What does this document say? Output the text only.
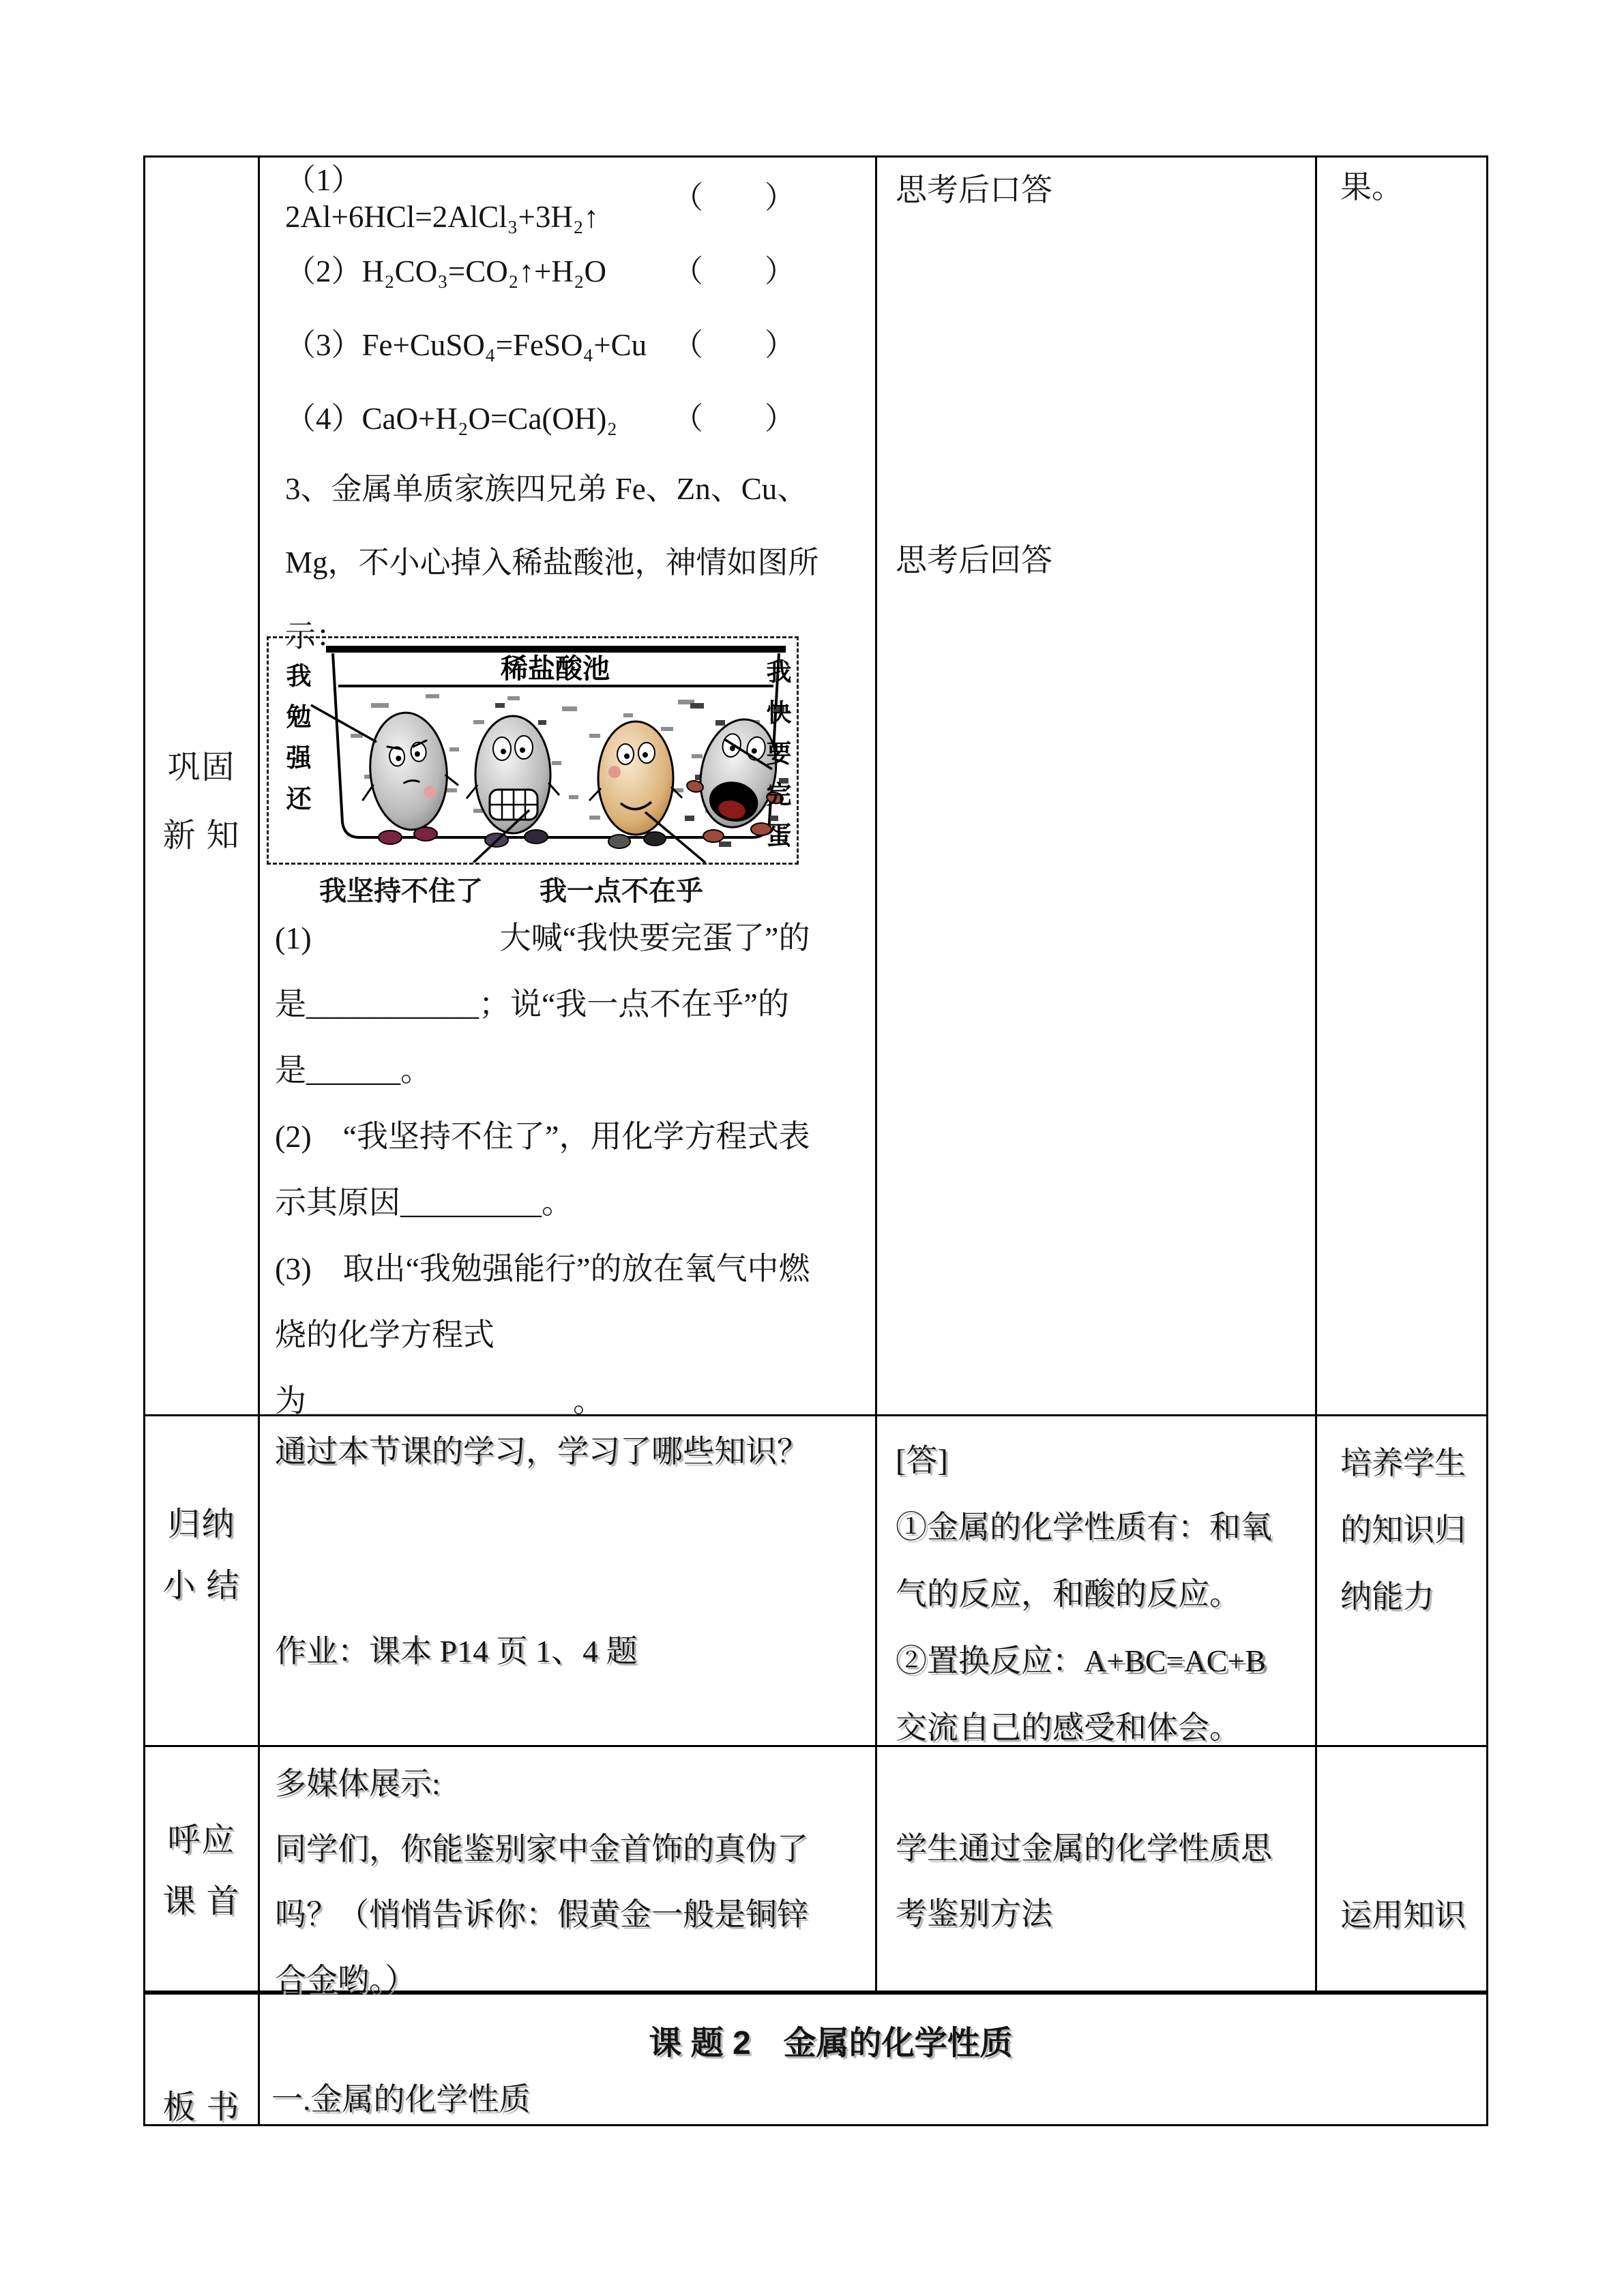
巩固
新 知
（1）2Al+6HCl=2AlCl₃+3H₂↑
（　　）
（2）H₂CO₃=CO₂↑+H₂O （　　）
（3）Fe+CuSO₄=FeSO₄+Cu （　　）
（4）CaO+H₂O=Ca(OH)₂ （　　）
3、金属单质家族四兄弟 Fe、Zn、Cu、
Mg，不小心掉入稀盐酸池，神情如图所
示：
稀盐酸池
我
勉
强
还
我
快
要
完
蛋
我坚持不住了 我一点不在乎
(1)　　　　　　大喊“我快要完蛋了”的
是___________；说“我一点不在乎”的
是______。
(2)　“我坚持不住了”，用化学方程式表
示其原因_________。
(3)　取出“我勉强能行”的放在氧气中燃
烧的化学方程式
为_________________。
思考后口答
思考后回答
果。
归纳
小 结
通过本节课的学习，学习了哪些知识？
作业：课本 P14 页 1、4 题
[答]
①金属的化学性质有：和氧
气的反应，和酸的反应。
②置换反应：A+BC=AC+B
交流自己的感受和体会。
培养学生
的知识归
纳能力
呼应
课 首
多媒体展示:
同学们，你能鉴别家中金首饰的真伪了
吗？（悄悄告诉你：假黄金一般是铜锌
合金哟。）
学生通过金属的化学性质思
考鉴别方法	运用知识
课 题 2　金属的化学性质
板 书 一.金属的化学性质
